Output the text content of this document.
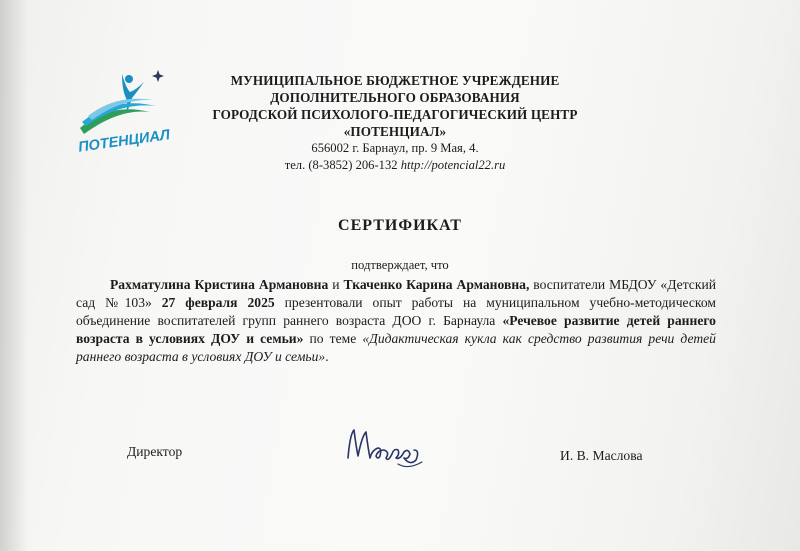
ПОТЕНЦИАЛ
МУНИЦИПАЛЬНОЕ БЮДЖЕТНОЕ УЧРЕЖДЕНИЕ
ДОПОЛНИТЕЛЬНОГО ОБРАЗОВАНИЯ
ГОРОДСКОЙ ПСИХОЛОГО-ПЕДАГОГИЧЕСКИЙ ЦЕНТР
«ПОТЕНЦИАЛ»
656002 г. Барнаул, пр. 9 Мая, 4.
тел. (8-3852) 206-132 http://potencial22.ru
СЕРТИФИКАТ
подтверждает, что
Рахматулина Кристина Армановна и Ткаченко Карина Армановна, воспитатели МБДОУ «Детский сад №103» 27 февраля 2025 презентовали опыт работы на муниципальном учебно-методическом объединение воспитателей групп раннего возраста ДОО г. Барнаула «Речевое развитие детей раннего возраста в условиях ДОУ и семьи» по теме «Дидактическая кукла как средство развития речи детей раннего возраста в условиях ДОУ и семьи».
Директор	И. В. Маслова
